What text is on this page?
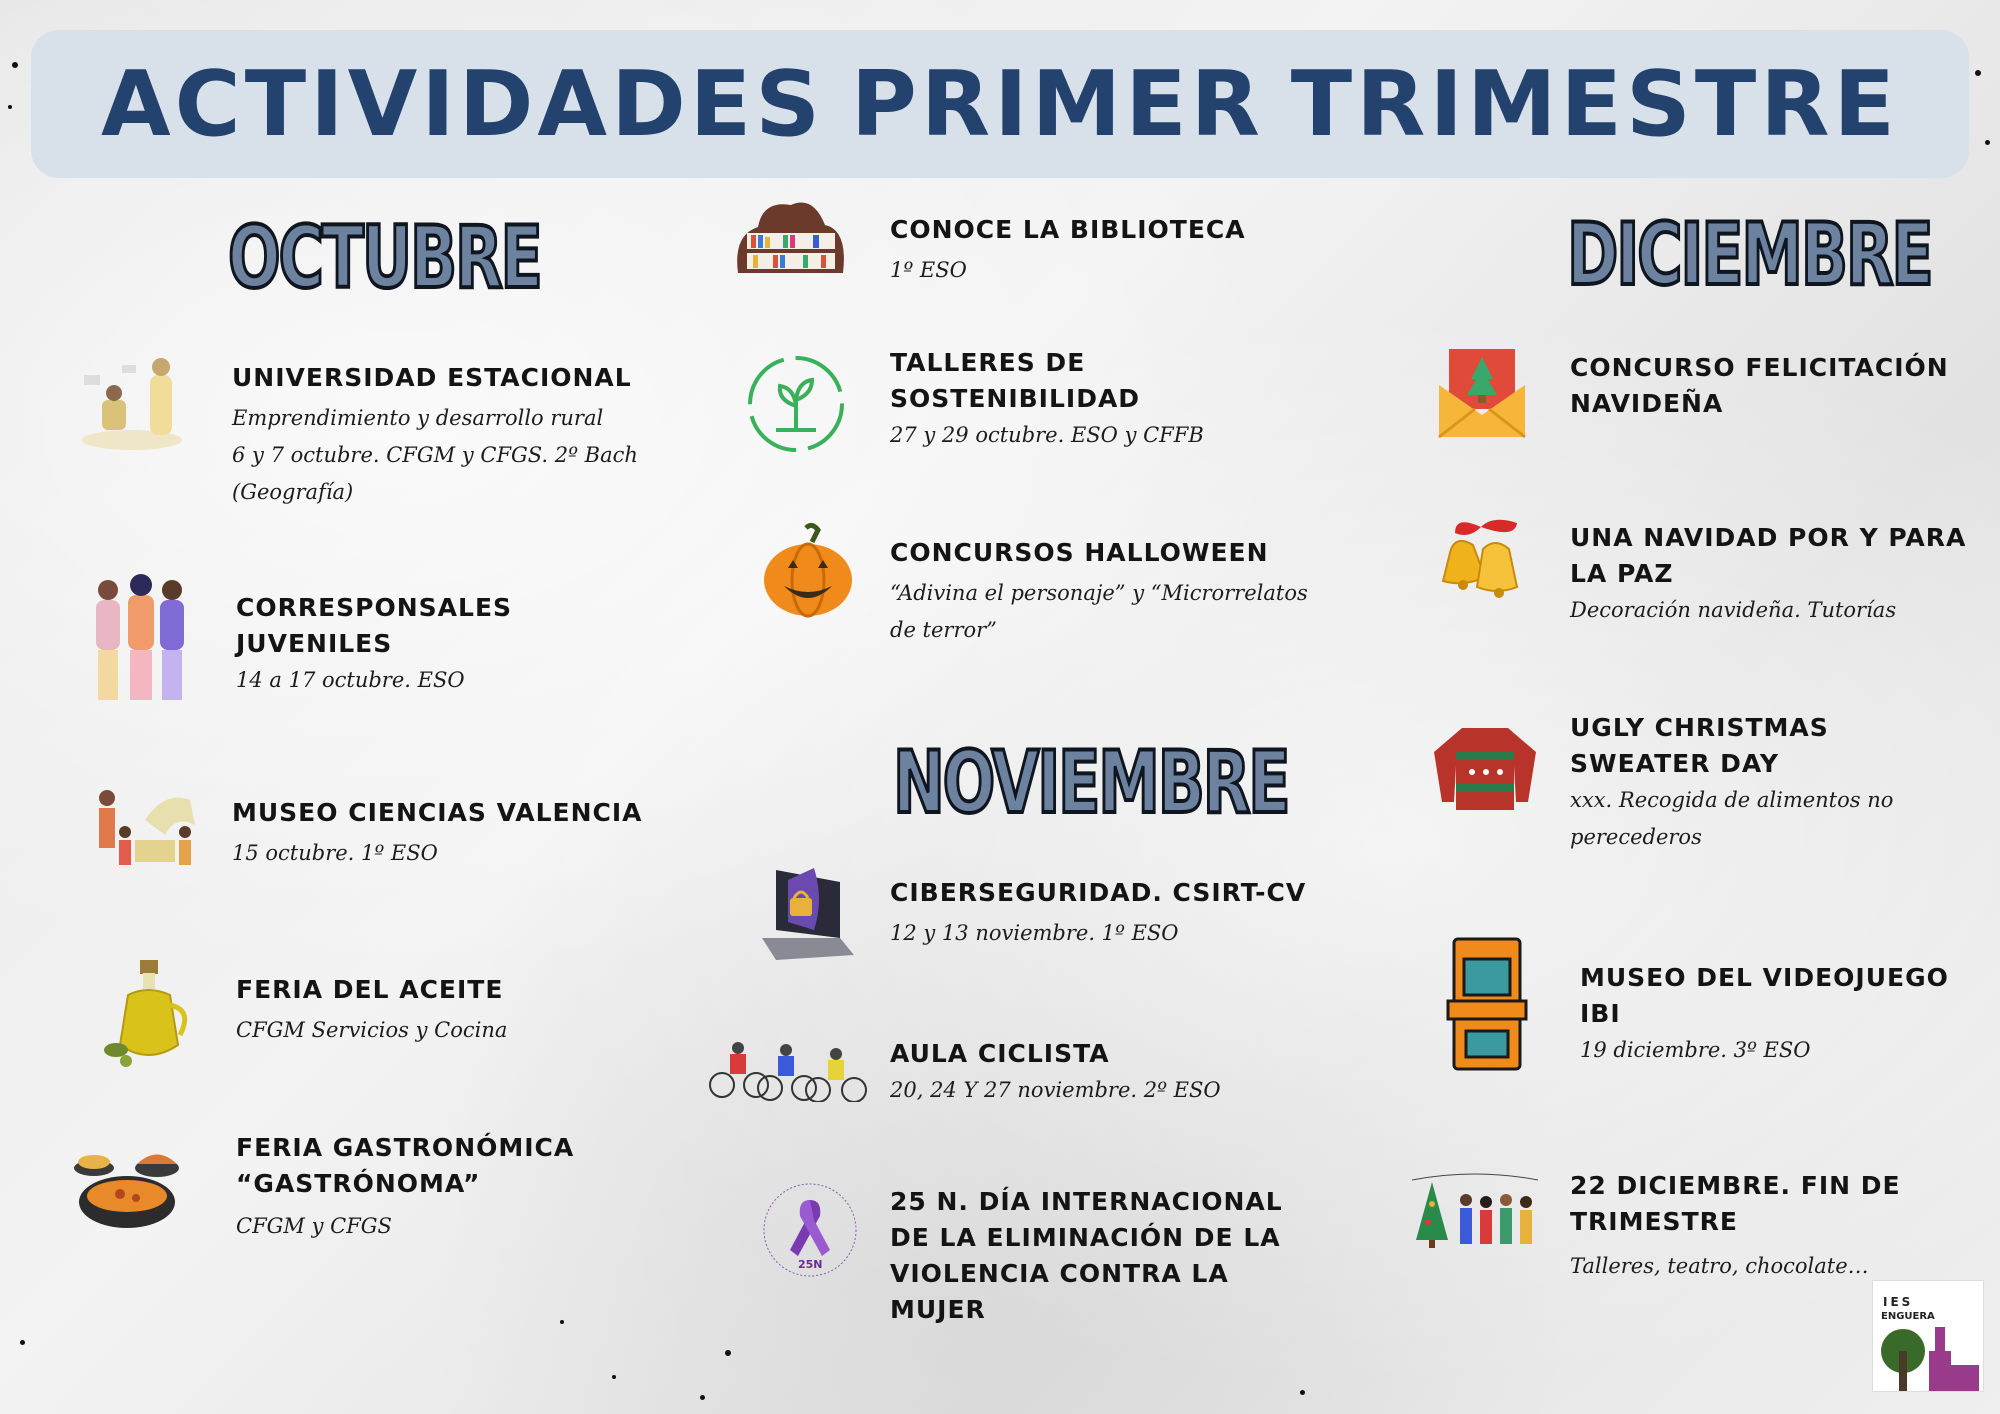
ACTIVIDADES PRIMER TRIMESTRE
OCTUBRE
NOVIEMBRE
DICIEMBRE
UNIVERSIDAD ESTACIONAL
Emprendimiento y desarrollo rural
6 y 7 octubre. CFGM y CFGS. 2º Bach
(Geografía)
CORRESPONSALES
JUVENILES
14 a 17 octubre. ESO
MUSEO CIENCIAS VALENCIA
15 octubre. 1º ESO
FERIA DEL ACEITE
CFGM Servicios y Cocina
FERIA GASTRONÓMICA
“GASTRÓNOMA”
CFGM y CFGS
CONOCE LA BIBLIOTECA
1º ESO
TALLERES DE
SOSTENIBILIDAD
27 y 29 octubre. ESO y CFFB
CONCURSOS HALLOWEEN
“Adivina el personaje” y “Microrrelatos
de terror”
CIBERSEGURIDAD. CSIRT-CV
12 y 13 noviembre. 1º ESO
AULA CICLISTA
20, 24 Y 27 noviembre. 2º ESO
25N
25 N. DÍA INTERNACIONAL
DE LA ELIMINACIÓN DE LA
VIOLENCIA CONTRA LA
MUJER
CONCURSO FELICITACIÓN
NAVIDEÑA
UNA NAVIDAD POR Y PARA
LA PAZ
Decoración navideña. Tutorías
UGLY CHRISTMAS
SWEATER DAY
xxx. Recogida de alimentos no
perecederos
MUSEO DEL VIDEOJUEGO
IBI
19 diciembre. 3º ESO
22 DICIEMBRE. FIN DE
TRIMESTRE
Talleres, teatro, chocolate…
IES
ENGUERA
